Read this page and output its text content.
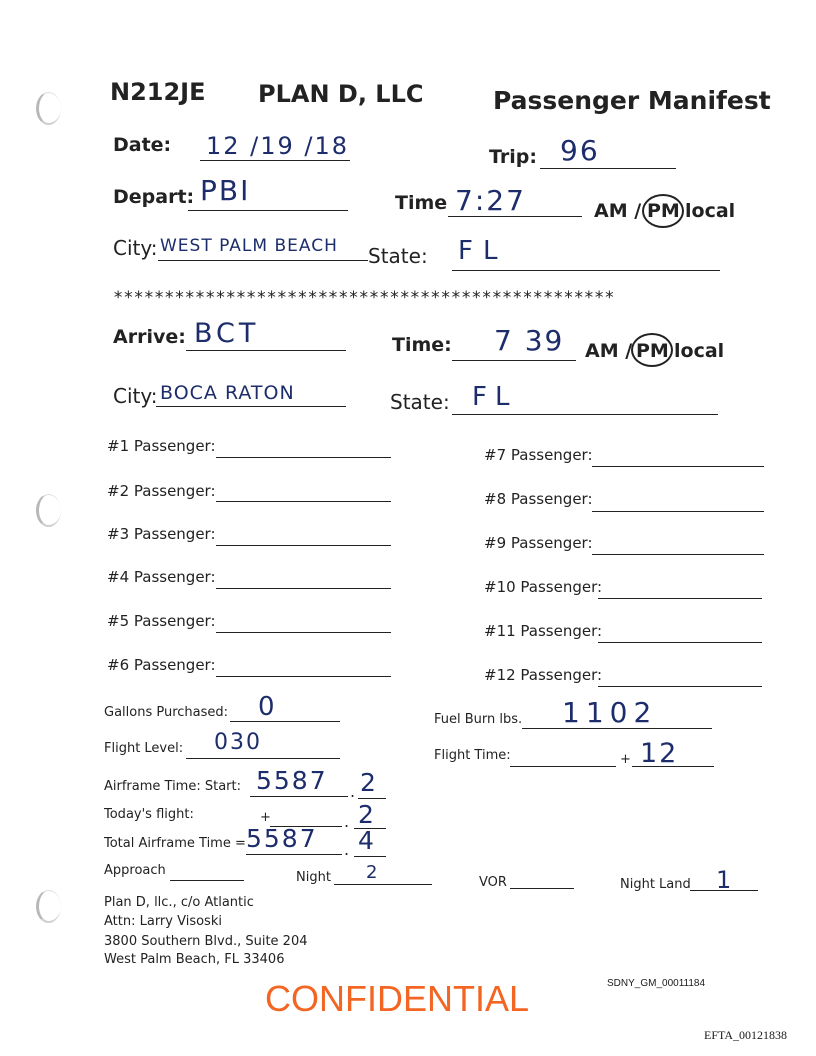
N212JE PLAN D, LLC	Passenger Manifest
Date: 12 /19 /18	Trip: 96
Depart: PBI	Time 7:27	AM / PM local
City: WEST PALM BEACH State: FL
*************************************************
Arrive: BCT	Time: 7 39 AM / PM local
City: BOCA RATON	State: FL
#1 Passenger:
#2 Passenger:
#3 Passenger:
#4 Passenger:
#5 Passenger:
#6 Passenger:
#7 Passenger:
#8 Passenger:
#9 Passenger:
#10 Passenger:
#11 Passenger:
#12 Passenger:
Gallons Purchased: 0	Fuel Burn lbs. 1102
Flight Level: 030
Flight Time:	+ 12
Airframe Time: Start: 5587 . 2
Today's flight:	+	. 2
Total Airframe Time = 5587 . 4
Approach	Night 2	VOR	Night Land 1
Plan D, llc., c/o Atlantic
Attn: Larry Visoski
3800 Southern Blvd., Suite 204
West Palm Beach, FL 33406
CONFIDENTIAL	SDNY_GM_00011184
EFTA_00121838
